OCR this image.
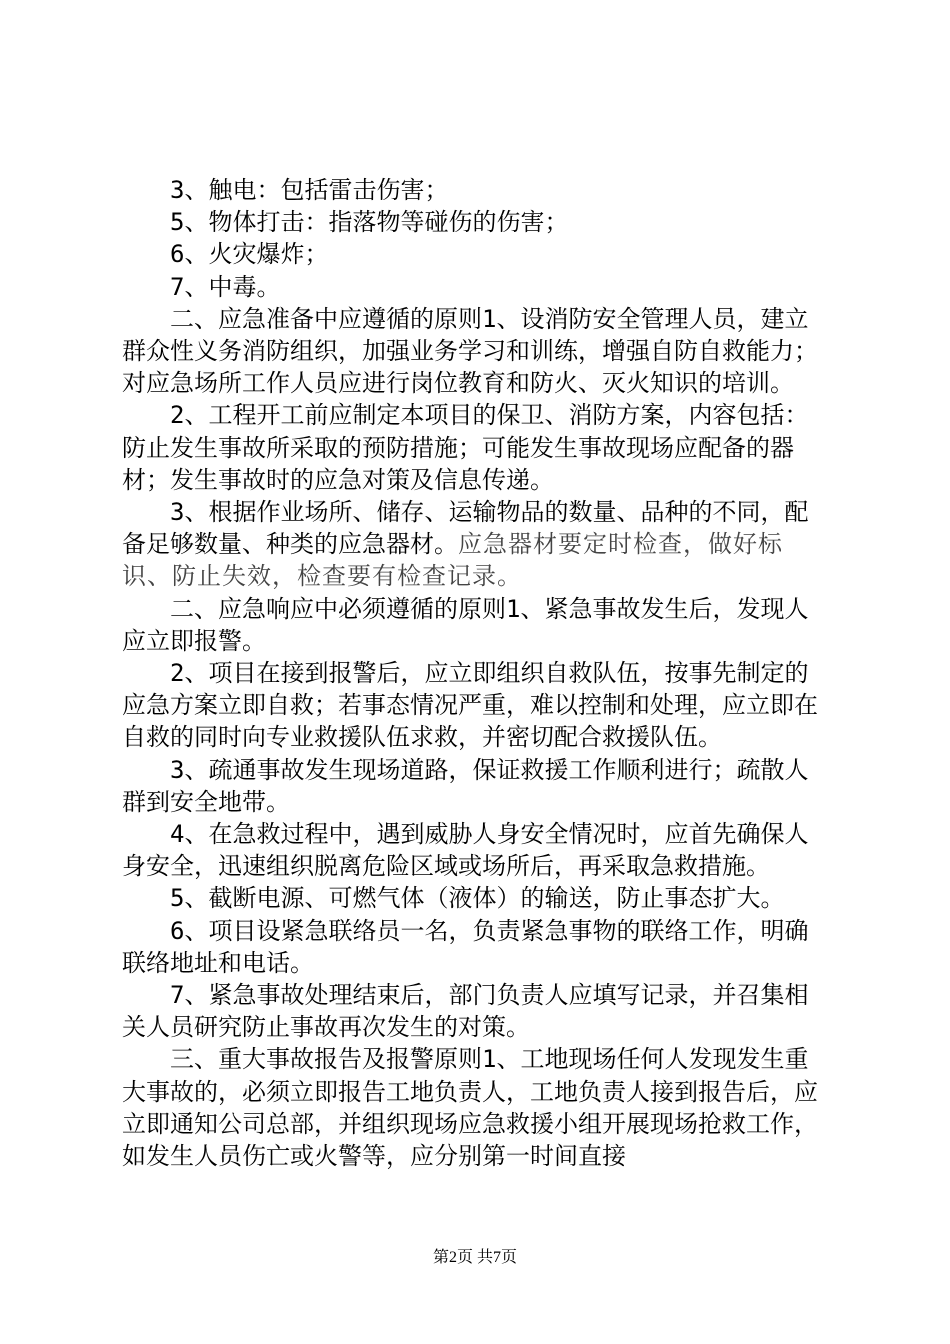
3、触电：包括雷击伤害；

5、物体打击：指落物等碰伤的伤害；

6、火灾爆炸；

7、中毒。

二、应急准备中应遵循的原则1、设消防安全管理人员，建立群众性义务消防组织，加强业务学习和训练，增强自防自救能力；对应急场所工作人员应进行岗位教育和防火、灭火知识的培训。

2、工程开工前应制定本项目的保卫、消防方案，内容包括：防止发生事故所采取的预防措施；可能发生事故现场应配备的器材；发生事故时的应急对策及信息传递。

3、根据作业场所、储存、运输物品的数量、品种的不同，配备足够数量、种类的应急器材。应急器材要定时检查，做好标识、防止失效，检查要有检查记录。

二、应急响应中必须遵循的原则1、紧急事故发生后，发现人应立即报警。

2、项目在接到报警后，应立即组织自救队伍，按事先制定的应急方案立即自救；若事态情况严重，难以控制和处理，应立即在自救的同时向专业救援队伍求救，并密切配合救援队伍。

3、疏通事故发生现场道路，保证救援工作顺利进行；疏散人群到安全地带。

4、在急救过程中，遇到威胁人身安全情况时，应首先确保人身安全，迅速组织脱离危险区域或场所后，再采取急救措施。

5、截断电源、可燃气体（液体）的输送，防止事态扩大。

6、项目设紧急联络员一名，负责紧急事物的联络工作，明确联络地址和电话。

7、紧急事故处理结束后，部门负责人应填写记录，并召集相关人员研究防止事故再次发生的对策。

三、重大事故报告及报警原则1、工地现场任何人发现发生重大事故的，必须立即报告工地负责人，工地负责人接到报告后，应立即通知公司总部，并组织现场应急救援小组开展现场抢救工作，如发生人员伤亡或火警等，应分别第一时间直接

第2页 共7页
